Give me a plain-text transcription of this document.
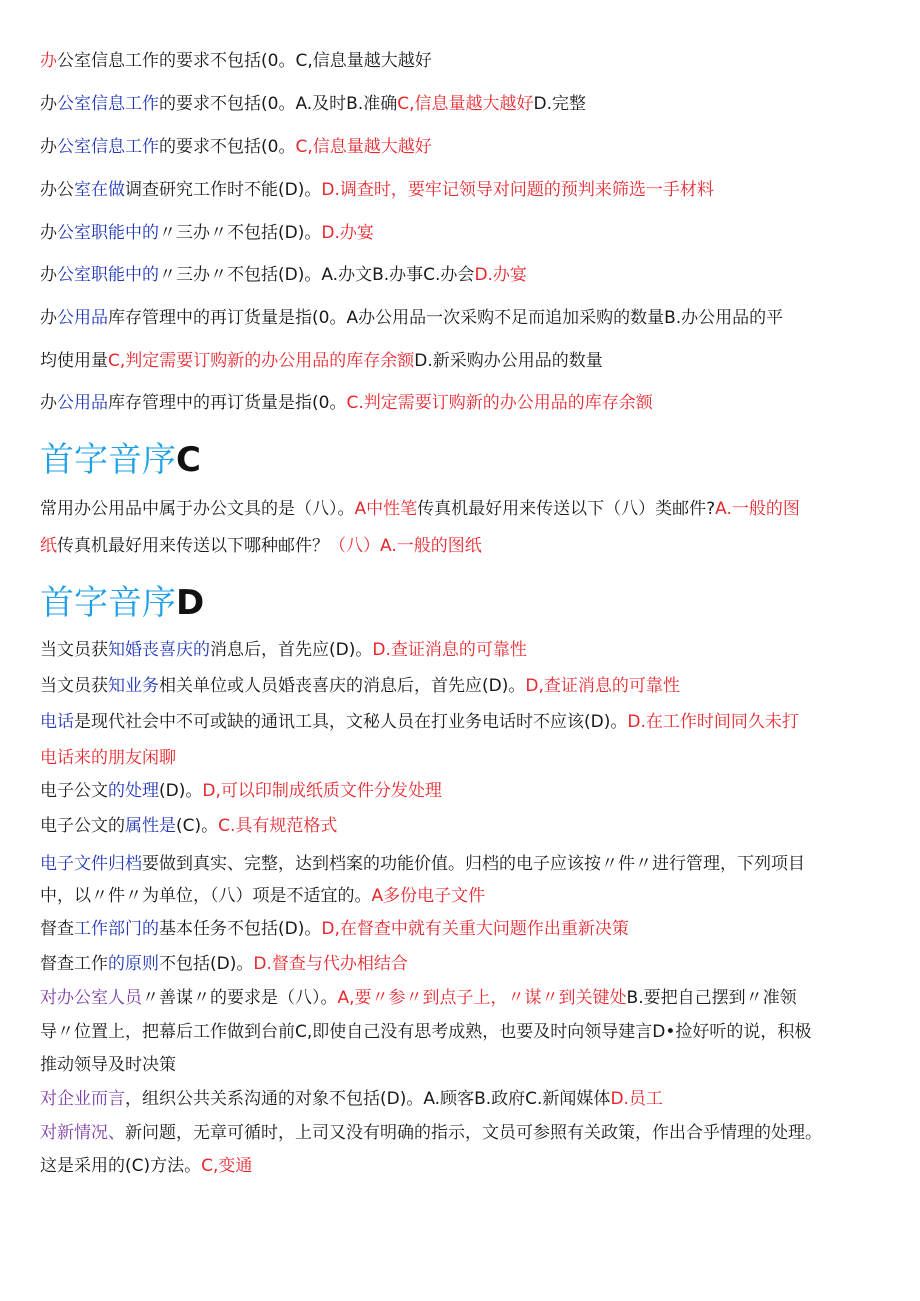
办公室信息工作的要求不包括(0。C,信息量越大越好
办公室信息工作的要求不包括(0。A.及时B.准确C,信息量越大越好D.完整
办公室信息工作的要求不包括(0。C,信息量越大越好
办公室在做调查研究工作时不能(D)。D.调查时，要牢记领导对问题的预判来筛选一手材料
办公室职能中的〃三办〃不包括(D)。D.办宴
办公室职能中的〃三办〃不包括(D)。A.办文B.办事C.办会D.办宴
办公用品库存管理中的再订货量是指(0。A办公用品一次采购不足而追加采购的数量B.办公用品的平
均使用量C,判定需要订购新的办公用品的库存余额D.新采购办公用品的数量
办公用品库存管理中的再订货量是指(0。C.判定需要订购新的办公用品的库存余额
首字音序C
常用办公用品中属于办公文具的是（八）。A中性笔传真机最好用来传送以下（八）类邮件?A.一般的图
纸传真机最好用来传送以下哪种邮件？（八）A.一般的图纸
首字音序D
当文员获知婚丧喜庆的消息后，首先应(D)。D.查证消息的可靠性
当文员获知业务相关单位或人员婚丧喜庆的消息后，首先应(D)。D,查证消息的可靠性
电话是现代社会中不可或缺的通讯工具，文秘人员在打业务电话时不应该(D)。D.在工作时间同久未打
电话来的朋友闲聊
电子公文的处理(D)。D,可以印制成纸质文件分发处理
电子公文的属性是(C)。C.具有规范格式
电子文件归档要做到真实、完整，达到档案的功能价值。归档的电子应该按〃件〃进行管理，下列项目
中，以〃件〃为单位，（八）项是不适宜的。A多份电子文件
督查工作部门的基本任务不包括(D)。D,在督查中就有关重大问题作出重新决策
督查工作的原则不包括(D)。D.督查与代办相结合
对办公室人员〃善谋〃的要求是（八）。A,要〃参〃到点子上，〃谋〃到关键处B.要把自己摆到〃准领
导〃位置上，把幕后工作做到台前C,即使自己没有思考成熟，也要及时向领导建言D•捡好听的说，积极
推动领导及时决策
对企业而言，组织公共关系沟通的对象不包括(D)。A.顾客B.政府C.新闻媒体D.员工
对新情况、新问题，无章可循时，上司又没有明确的指示，文员可参照有关政策，作出合乎情理的处理。
这是采用的(C)方法。C,变通
